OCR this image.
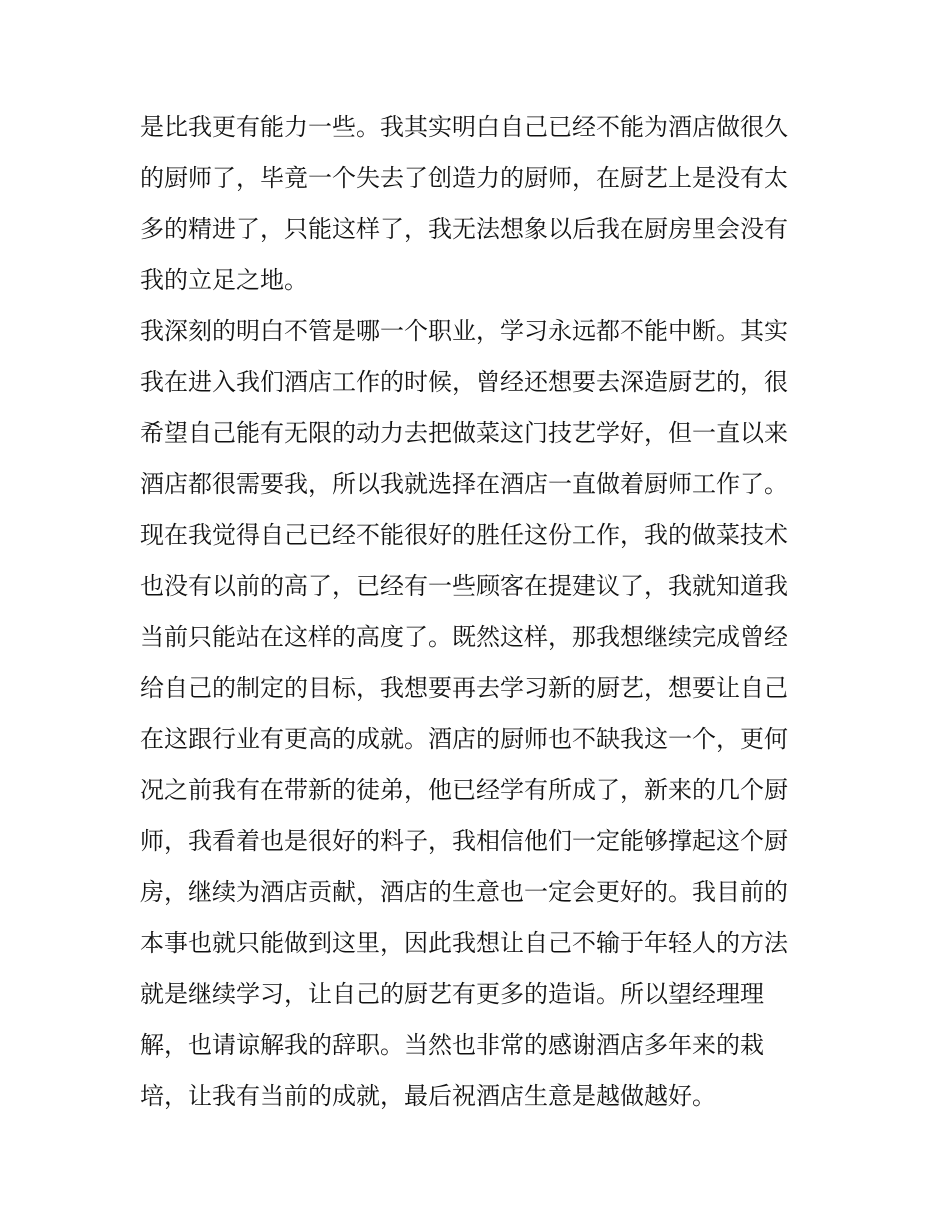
是比我更有能力一些。我其实明白自己已经不能为酒店做很久
的厨师了，毕竟一个失去了创造力的厨师，在厨艺上是没有太
多的精进了，只能这样了，我无法想象以后我在厨房里会没有
我的立足之地。
我深刻的明白不管是哪一个职业，学习永远都不能中断。其实
我在进入我们酒店工作的时候，曾经还想要去深造厨艺的，很
希望自己能有无限的动力去把做菜这门技艺学好，但一直以来
酒店都很需要我，所以我就选择在酒店一直做着厨师工作了。
现在我觉得自己已经不能很好的胜任这份工作，我的做菜技术
也没有以前的高了，已经有一些顾客在提建议了，我就知道我
当前只能站在这样的高度了。既然这样，那我想继续完成曾经
给自己的制定的目标，我想要再去学习新的厨艺，想要让自己
在这跟行业有更高的成就。酒店的厨师也不缺我这一个，更何
况之前我有在带新的徒弟，他已经学有所成了，新来的几个厨
师，我看着也是很好的料子，我相信他们一定能够撑起这个厨
房，继续为酒店贡献，酒店的生意也一定会更好的。我目前的
本事也就只能做到这里，因此我想让自己不输于年轻人的方法
就是继续学习，让自己的厨艺有更多的造诣。所以望经理理
解，也请谅解我的辞职。当然也非常的感谢酒店多年来的栽
培，让我有当前的成就，最后祝酒店生意是越做越好。
